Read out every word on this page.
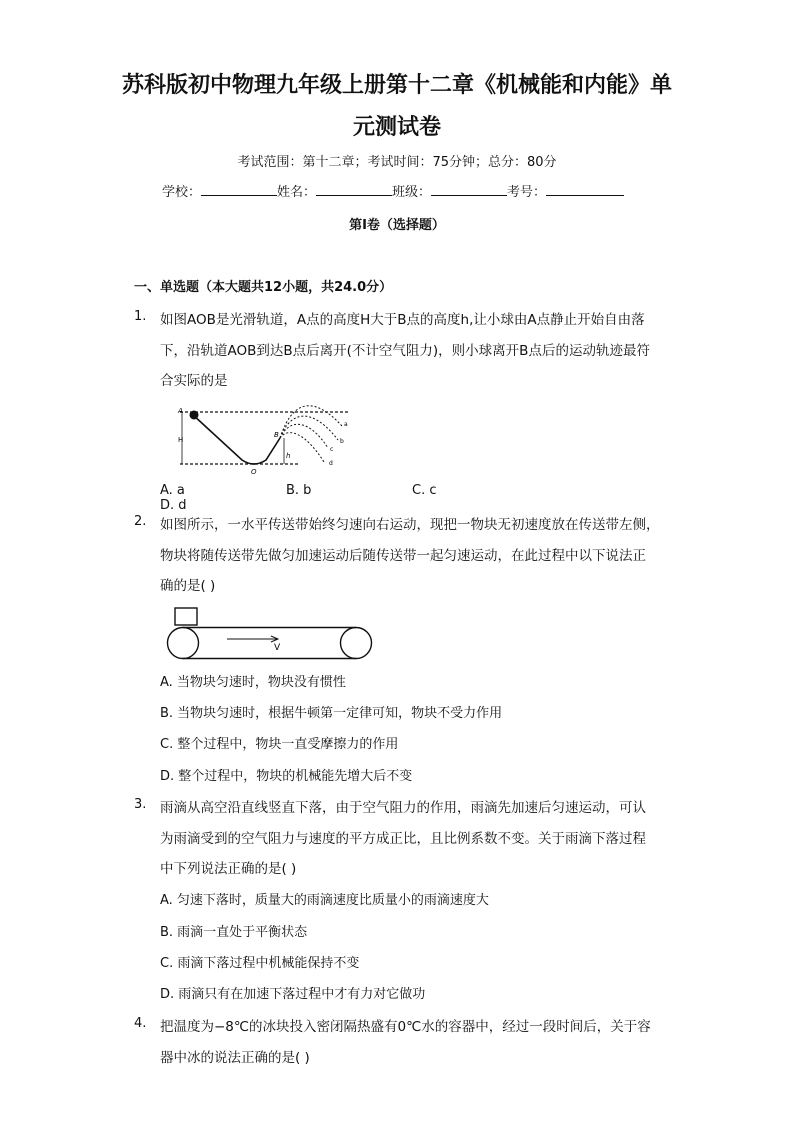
苏科版初中物理九年级上册第十二章《机械能和内能》单
元测试卷
考试范围：第十二章；考试时间：75分钟；总分：80分
学校：	姓名：	班级：	考号：
第I卷（选择题）
一、单选题（本大题共12小题，共24.0分）
1. 如图AOB是光滑轨道，A点的高度H大于B点的高度h,让小球由A点静止开始自由落
下，沿轨道AOB到达B点后离开(不计空气阻力)，则小球离开B点后的运动轨迹最符
合实际的是
A
H
O
B
h
a
b
c
d
A. a	B. b	C. cD. d
2. 如图所示，一水平传送带始终匀速向右运动，现把一物块无初速度放在传送带左侧，
物块将随传送带先做匀加速运动后随传送带一起匀速运动，在此过程中以下说法正
确的是( )
V
A. 当物块匀速时，物块没有惯性
B. 当物块匀速时，根据牛顿第一定律可知，物块不受力作用
C. 整个过程中，物块一直受摩擦力的作用
D. 整个过程中，物块的机械能先增大后不变
3. 雨滴从高空沿直线竖直下落，由于空气阻力的作用，雨滴先加速后匀速运动，可认
为雨滴受到的空气阻力与速度的平方成正比，且比例系数不变。关于雨滴下落过程
中下列说法正确的是( )
A. 匀速下落时，质量大的雨滴速度比质量小的雨滴速度大
B. 雨滴一直处于平衡状态
C. 雨滴下落过程中机械能保持不变
D. 雨滴只有在加速下落过程中才有力对它做功
4. 把温度为−8℃的冰块投入密闭隔热盛有0℃水的容器中，经过一段时间后，关于容
器中冰的说法正确的是( )
